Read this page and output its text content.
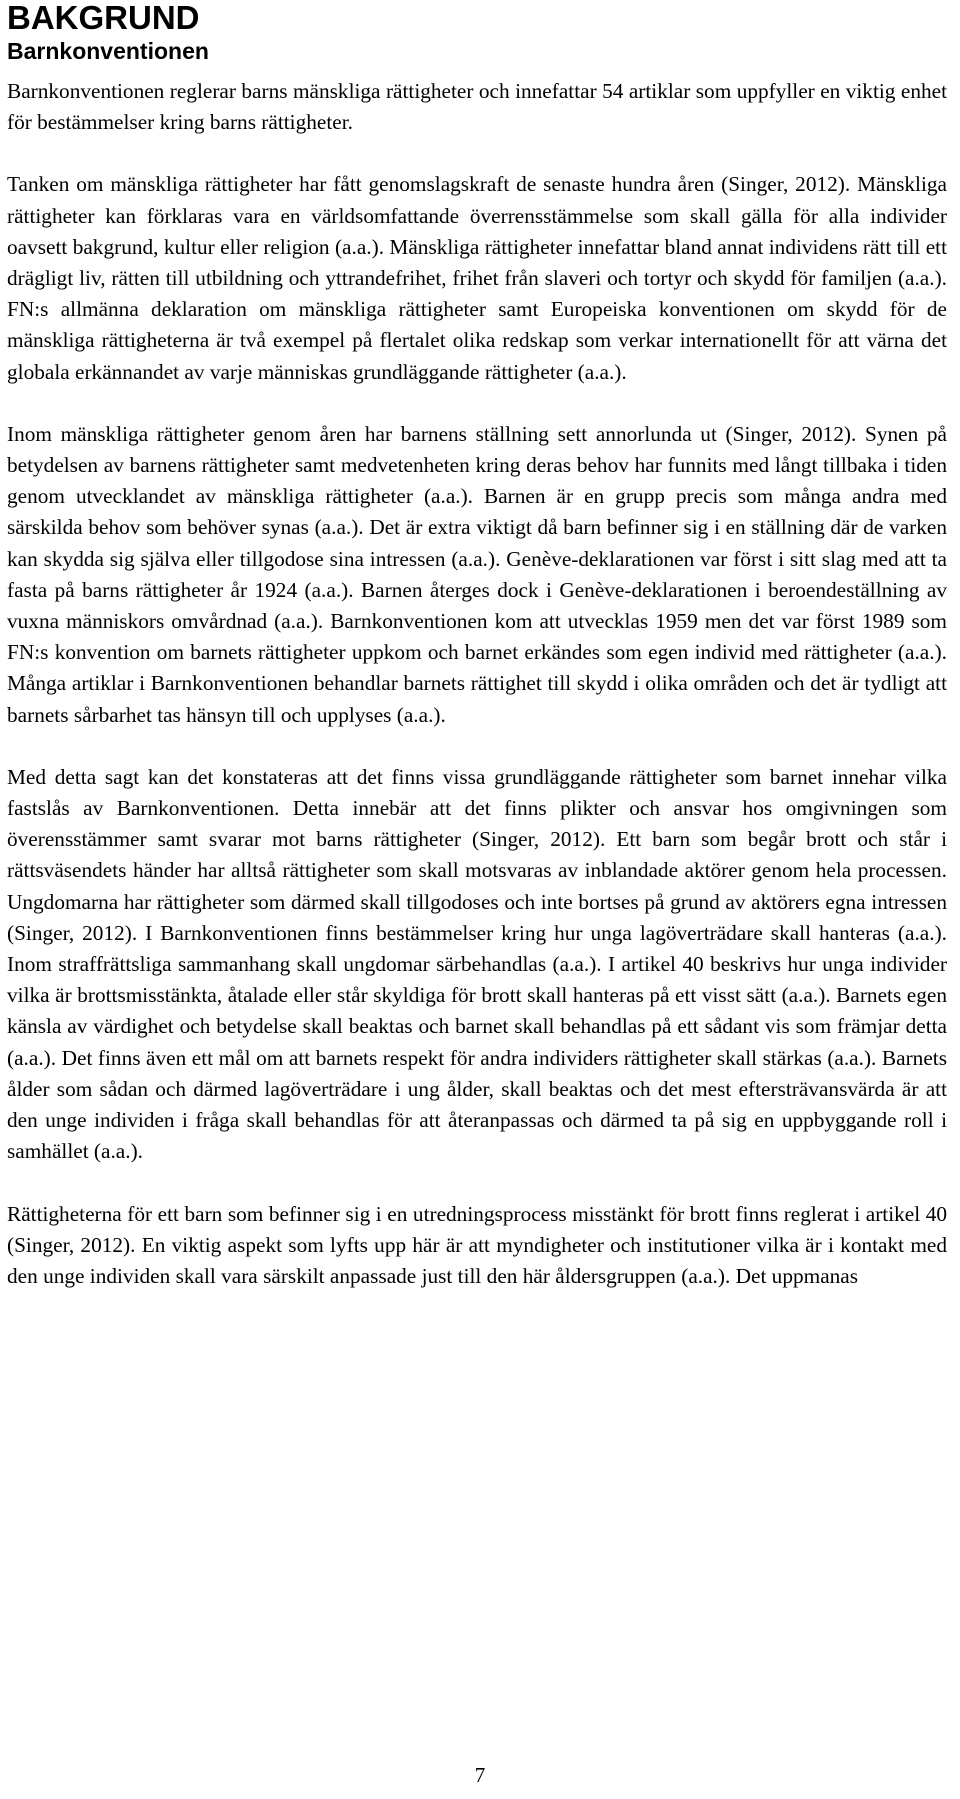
BAKGRUND
Barnkonventionen

Barnkonventionen reglerar barns mänskliga rättigheter och innefattar 54 artiklar som uppfyller en viktig enhet för bestämmelser kring barns rättigheter.

Tanken om mänskliga rättigheter har fått genomslagskraft de senaste hundra åren (Singer, 2012). Mänskliga rättigheter kan förklaras vara en världsomfattande överrensstämmelse som skall gälla för alla individer oavsett bakgrund, kultur eller religion (a.a.). Mänskliga rättigheter innefattar bland annat individens rätt till ett drägligt liv, rätten till utbildning och yttrandefrihet, frihet från slaveri och tortyr och skydd för familjen (a.a.). FN:s allmänna deklaration om mänskliga rättigheter samt Europeiska konventionen om skydd för de mänskliga rättigheterna är två exempel på flertalet olika redskap som verkar internationellt för att värna det globala erkännandet av varje människas grundläggande rättigheter (a.a.).

Inom mänskliga rättigheter genom åren har barnens ställning sett annorlunda ut (Singer, 2012). Synen på betydelsen av barnens rättigheter samt medvetenheten kring deras behov har funnits med långt tillbaka i tiden genom utvecklandet av mänskliga rättigheter (a.a.). Barnen är en grupp precis som många andra med särskilda behov som behöver synas (a.a.). Det är extra viktigt då barn befinner sig i en ställning där de varken kan skydda sig själva eller tillgodose sina intressen (a.a.). Genève-deklarationen var först i sitt slag med att ta fasta på barns rättigheter år 1924 (a.a.). Barnen återges dock i Genève-deklarationen i beroendeställning av vuxna människors omvårdnad (a.a.). Barnkonventionen kom att utvecklas 1959 men det var först 1989 som FN:s konvention om barnets rättigheter uppkom och barnet erkändes som egen individ med rättigheter (a.a.). Många artiklar i Barnkonventionen behandlar barnets rättighet till skydd i olika områden och det är tydligt att barnets sårbarhet tas hänsyn till och upplyses (a.a.).

Med detta sagt kan det konstateras att det finns vissa grundläggande rättigheter som barnet innehar vilka fastslås av Barnkonventionen. Detta innebär att det finns plikter och ansvar hos omgivningen som överensstämmer samt svarar mot barns rättigheter (Singer, 2012). Ett barn som begår brott och står i rättsväsendets händer har alltså rättigheter som skall motsvaras av inblandade aktörer genom hela processen. Ungdomarna har rättigheter som därmed skall tillgodoses och inte bortses på grund av aktörers egna intressen (Singer, 2012). I Barnkonventionen finns bestämmelser kring hur unga lagöverträdare skall hanteras (a.a.). Inom straffrättsliga sammanhang skall ungdomar särbehandlas (a.a.). I artikel 40 beskrivs hur unga individer vilka är brottsmisstänkta, åtalade eller står skyldiga för brott skall hanteras på ett visst sätt (a.a.). Barnets egen känsla av värdighet och betydelse skall beaktas och barnet skall behandlas på ett sådant vis som främjar detta (a.a.). Det finns även ett mål om att barnets respekt för andra individers rättigheter skall stärkas (a.a.). Barnets ålder som sådan och därmed lagöverträdare i ung ålder, skall beaktas och det mest eftersträvansvärda är att den unge individen i fråga skall behandlas för att återanpassas och därmed ta på sig en uppbyggande roll i samhället (a.a.).

Rättigheterna för ett barn som befinner sig i en utredningsprocess misstänkt för brott finns reglerat i artikel 40 (Singer, 2012). En viktig aspekt som lyfts upp här är att myndigheter och institutioner vilka är i kontakt med den unge individen skall vara särskilt anpassade just till den här åldersgruppen (a.a.). Det uppmanas

7
